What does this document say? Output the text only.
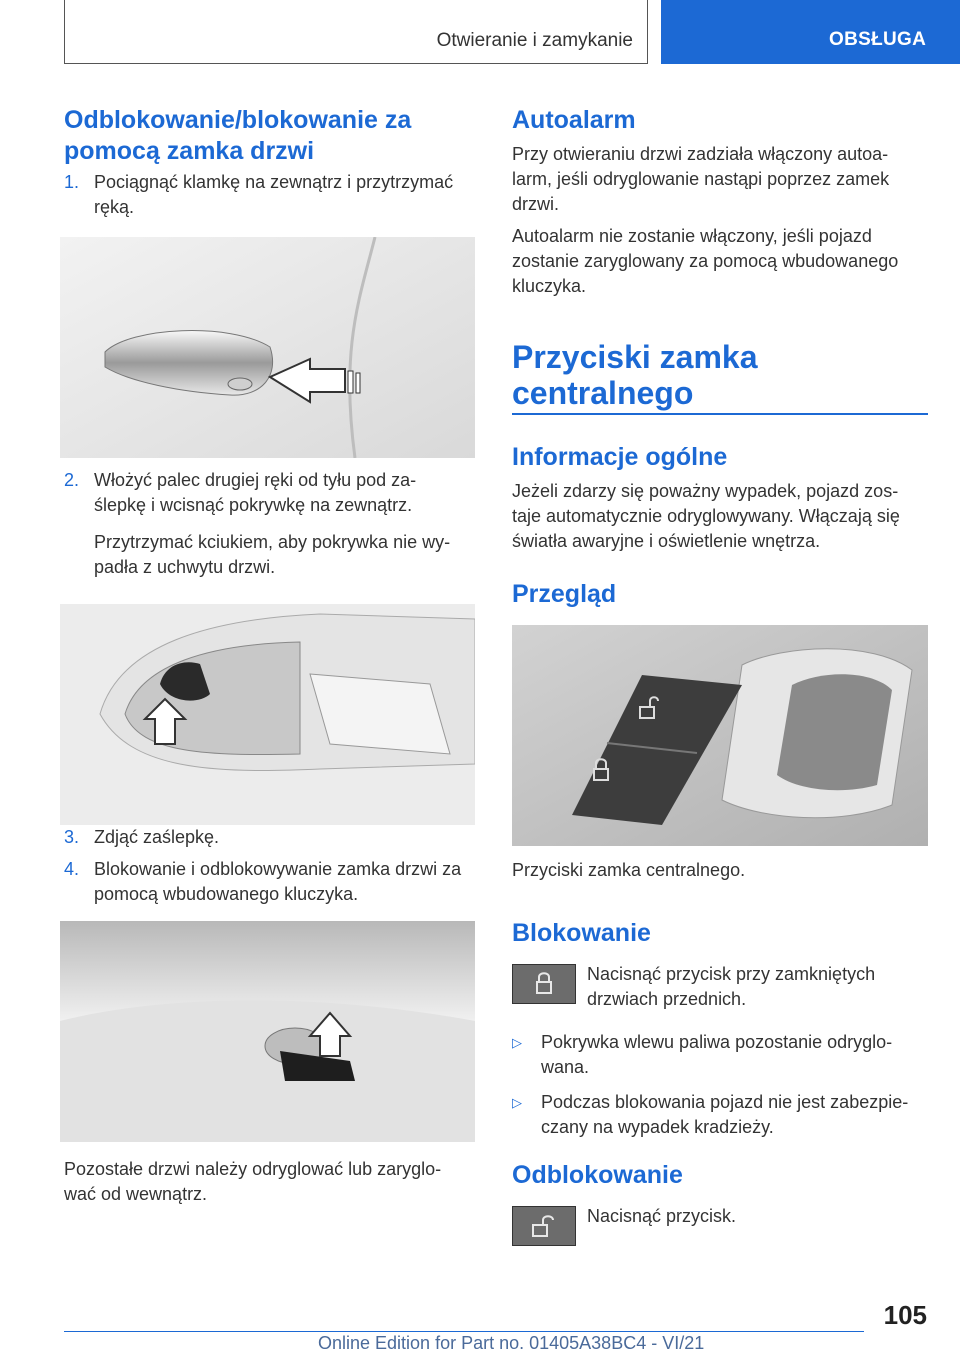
Otwieranie i zamykanie	OBSŁUGA
Odblokowanie/blokowanie za pomocą zamka drzwi
1. Pociągnąć klamkę na zewnątrz i przytrzymać ręką.

2. Włożyć palec drugiej ręki od tyłu pod za-ślepkę i wcisnąć pokrywkę na zewnątrz.

Przytrzymać kciukiem, aby pokrywka nie wy-padła z uchwytu drzwi.

3. Zdjąć zaślepkę.

4. Blokowanie i odblokowywanie zamka drzwi za pomocą wbudowanego kluczyka.

Pozostałe drzwi należy odryglować lub zaryglo-wać od wewnątrz.

Autoalarm

Przy otwieraniu drzwi zadziała włączony autoa-larm, jeśli odryglowanie nastąpi poprzez zamek drzwi.

Autoalarm nie zostanie włączony, jeśli pojazd zostanie zaryglowany za pomocą wbudowanego kluczyka.

Przyciski zamka centralnego
Informacje ogólne

Jeżeli zdarzy się poważny wypadek, pojazd zos-taje automatycznie odryglowywany. Włączają się światła awaryjne i oświetlenie wnętrza.

Przegląd

Przyciski zamka centralnego.

Blokowanie

Nacisnąć przycisk przy zamkniętych drzwiach przednich.

▷ Pokrywka wlewu paliwa pozostanie odryglo-wana.

▷ Podczas blokowania pojazd nie jest zabezpie-czany na wypadek kradzieży.

Odblokowanie

Nacisnąć przycisk.

105
Online Edition for Part no. 01405A38BC4 - VI/21
